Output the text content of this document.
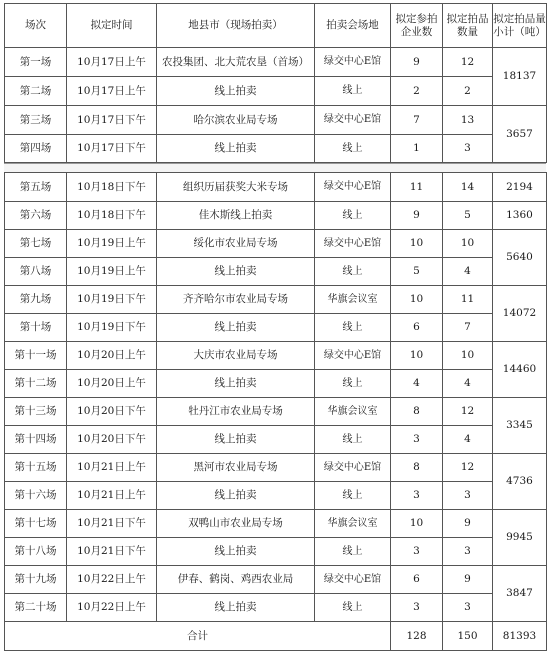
场次	拟定时间	地县市（现场拍卖）	拍卖会场地	拟定参拍企业数	拟定拍品数量	拟定拍品量小计（吨）
第一场	10月17日上午	农投集团、北大荒农垦（首场）	绿交中心E馆	9	12	18137
第二场	10月17日上午	线上拍卖	线上	2	2	
第三场	10月17日下午	哈尔滨农业局专场	绿交中心E馆	7	13	3657
第四场	10月17日下午	线上拍卖	线上	1	3	
第五场	10月18日下午	组织历届获奖大米专场	绿交中心E馆	11	14	2194
第六场	10月18日下午	佳木斯线上拍卖	线上	9	5	1360
第七场	10月19日上午	绥化市农业局专场	绿交中心E馆	10	10	5640
第八场	10月19日上午	线上拍卖	线上	5	4	
第九场	10月19日下午	齐齐哈尔市农业局专场	华旗会议室	10	11	14072
第十场	10月19日下午	线上拍卖	线上	6	7	
第十一场	10月20日上午	大庆市农业局专场	绿交中心E馆	10	10	14460
第十二场	10月20日上午	线上拍卖	线上	4	4	
第十三场	10月20日下午	牡丹江市农业局专场	华旗会议室	8	12	3345
第十四场	10月20日下午	线上拍卖	线上	3	4	
第十五场	10月21日上午	黑河市农业局专场	绿交中心E馆	8	12	4736
第十六场	10月21日上午	线上拍卖	线上	3	3	
第十七场	10月21日下午	双鸭山市农业局专场	华旗会议室	10	9	9945
第十八场	10月21日下午	线上拍卖	线上	3	3	
第十九场	10月22日上午	伊春、鹤岗、鸡西农业局	绿交中心E馆	6	9	3847
第二十场	10月22日上午	线上拍卖	线上	3	3	
合计				128	150	81393
